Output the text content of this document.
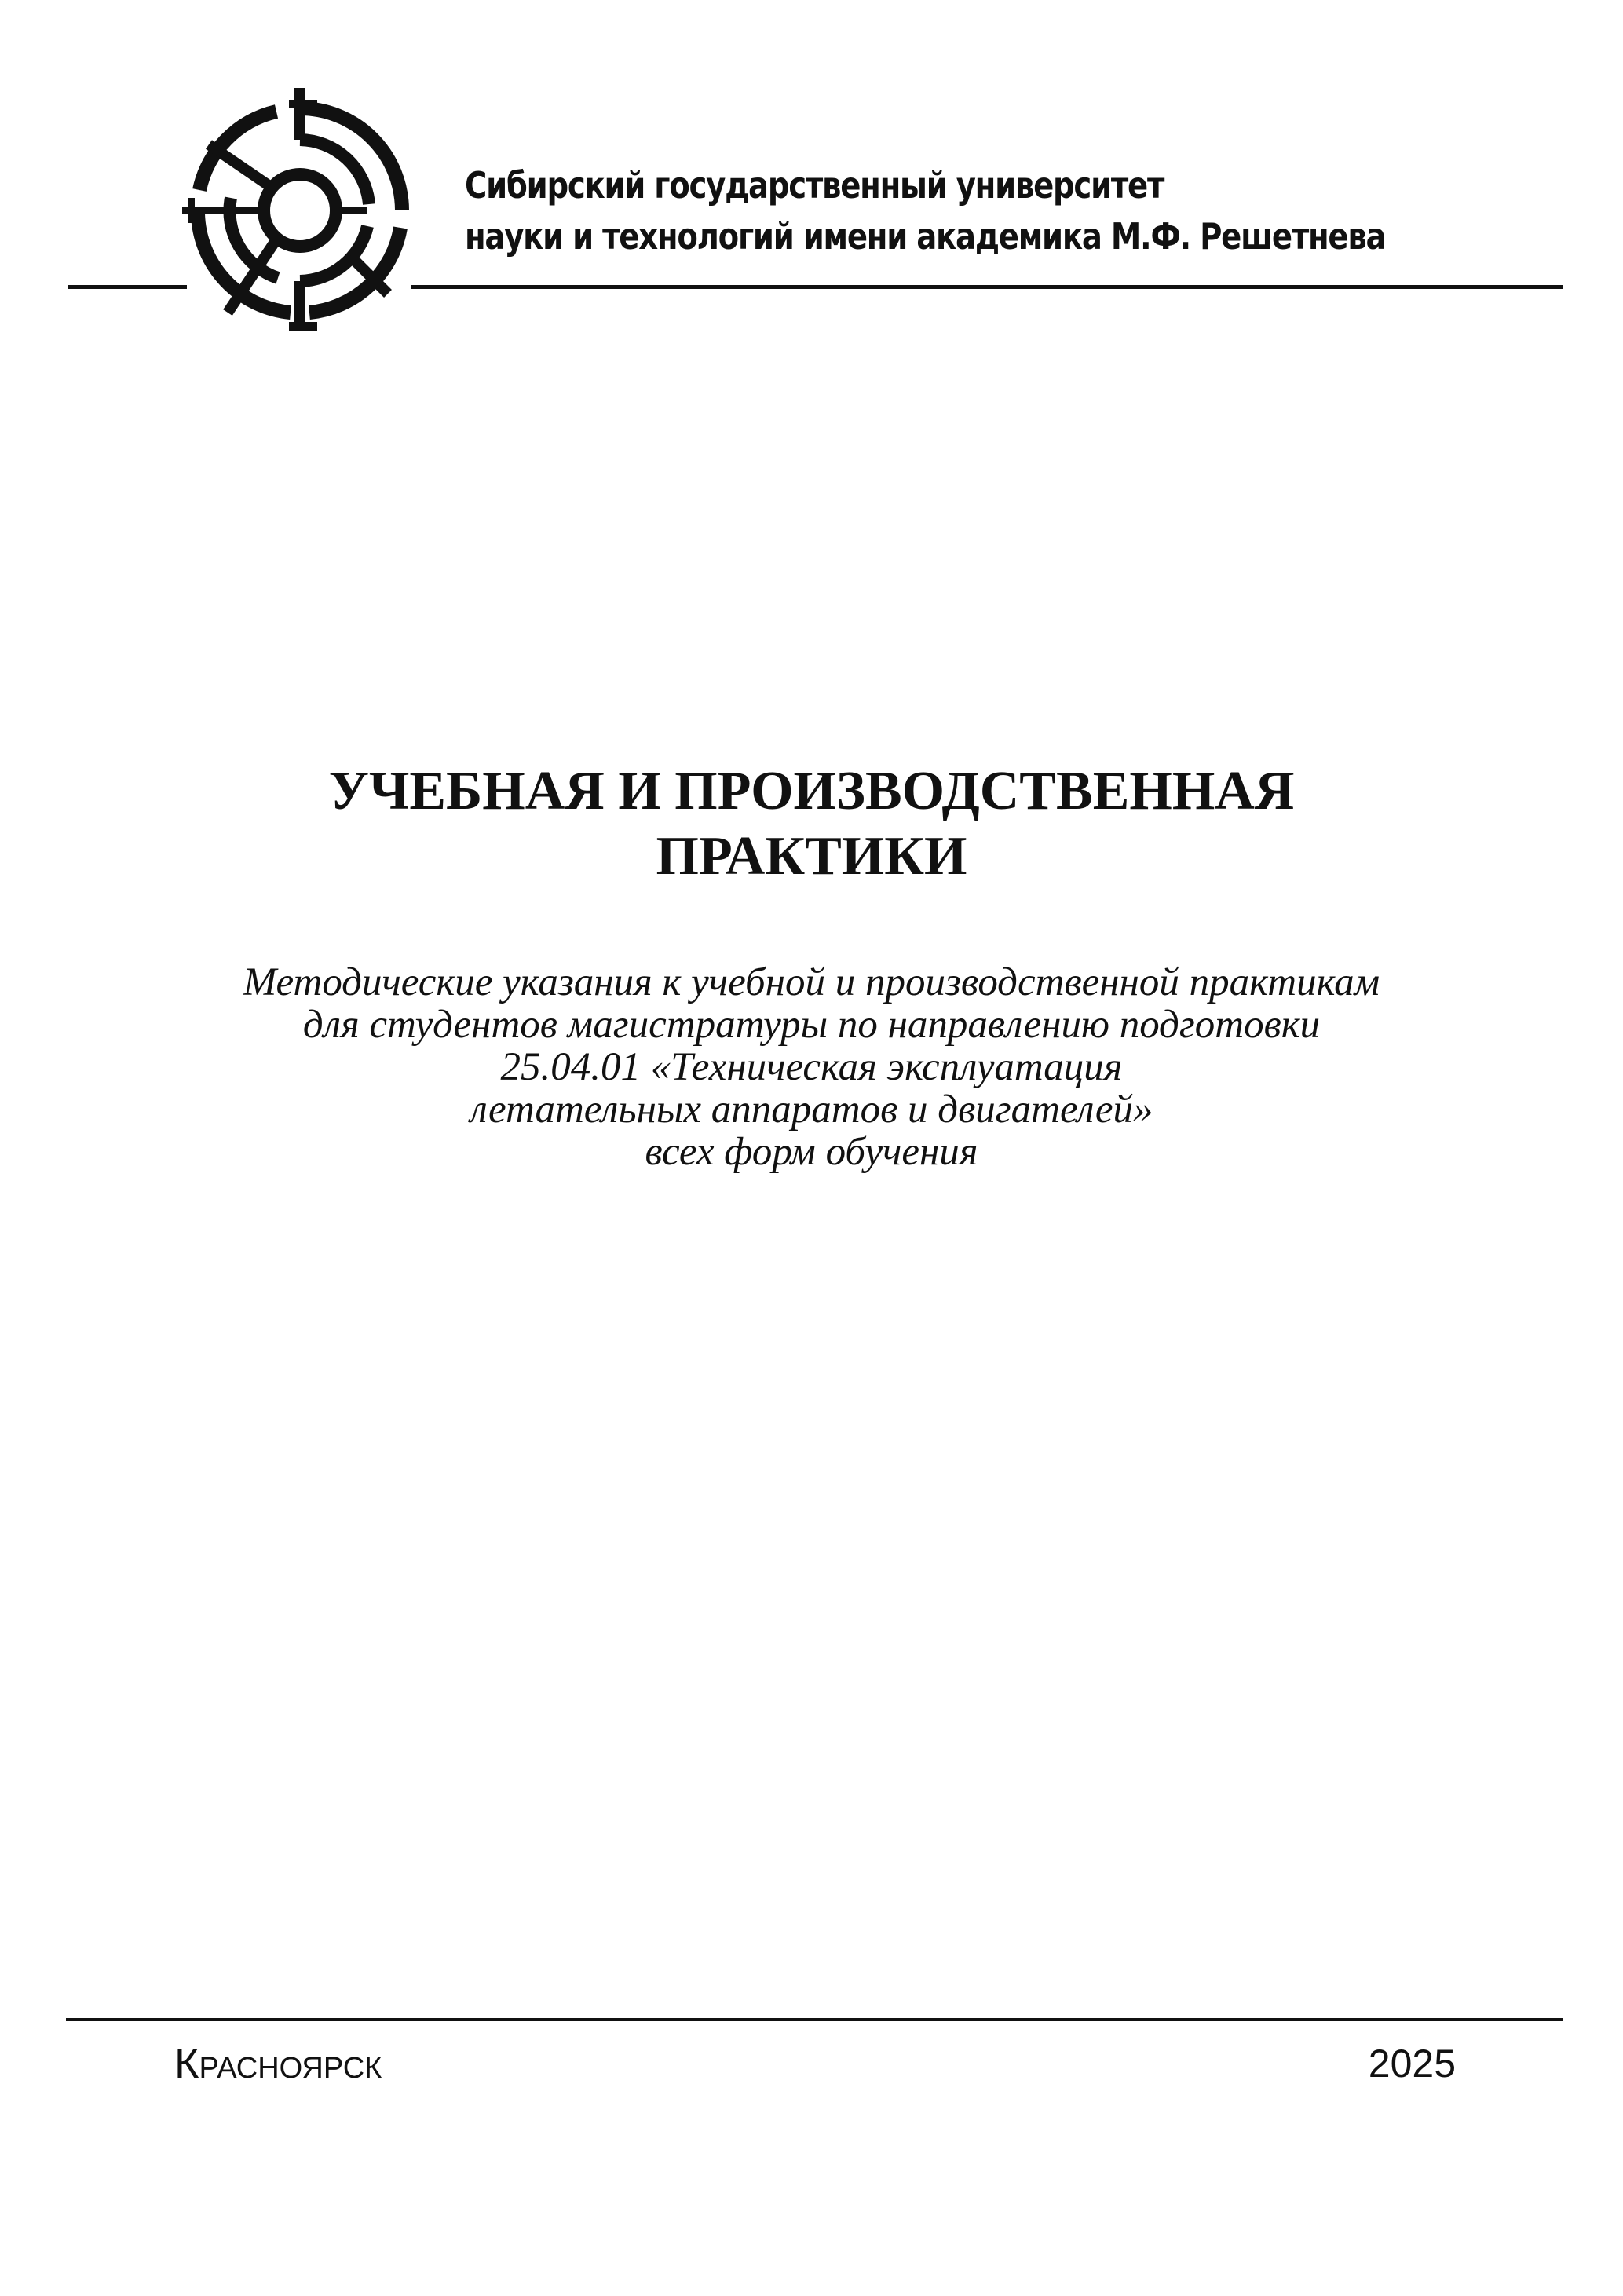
Сибирский государственный университет
науки и технологий имени академика М.Ф. Решетнева
УЧЕБНАЯ И ПРОИЗВОДСТВЕННАЯ
ПРАКТИКИ
Методические указания к учебной и производственной практикам
для студентов магистратуры по направлению подготовки
25.04.01 «Техническая эксплуатация
летательных аппаратов и двигателей»
всех форм обучения
Красноярск	2025
